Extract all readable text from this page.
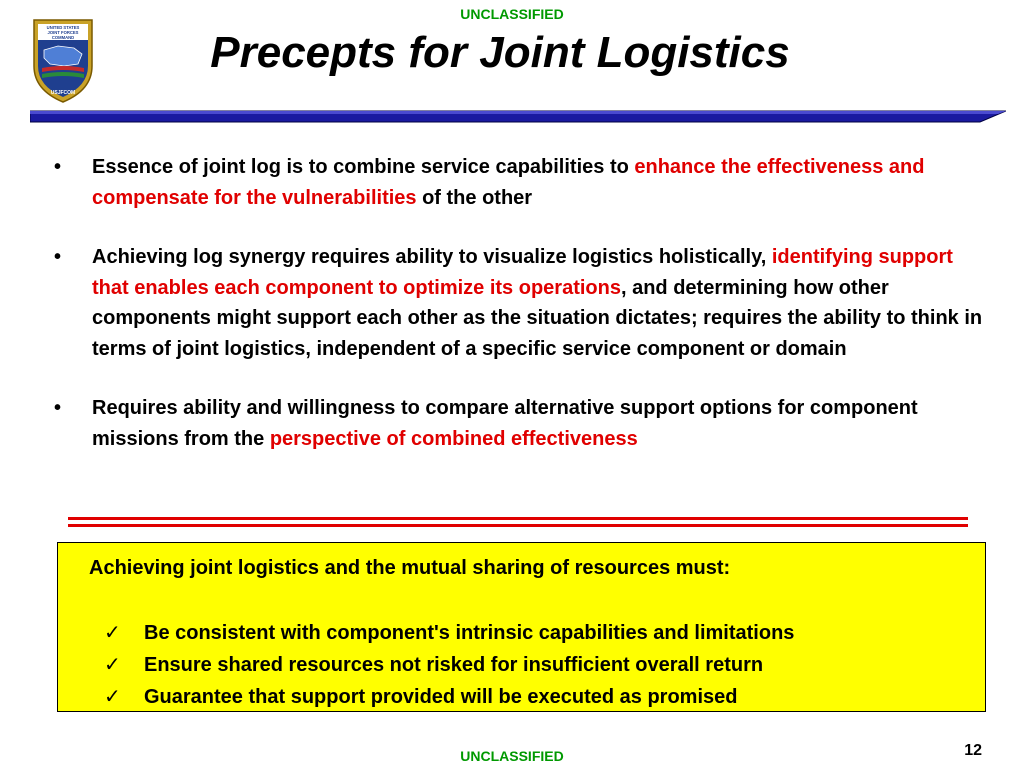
UNCLASSIFIED
UNITED STATES
JOINT FORCES
COMMAND
USJFCOM
Precepts for Joint Logistics
• Essence of joint log is to combine service capabilities to enhance the effectiveness and compensate for the vulnerabilities of the other
• Achieving log synergy requires ability to visualize logistics holistically, identifying support that enables each component to optimize its operations, and determining how other components might support each other as the situation dictates; requires the ability to think in terms of joint logistics, independent of a specific service component or domain
• Requires ability and willingness to compare alternative support options for component missions from the perspective of combined effectiveness
Achieving joint logistics and the mutual sharing of resources must:
✓ Be consistent with component's intrinsic capabilities and limitations
✓ Ensure shared resources not risked for insufficient overall return
✓ Guarantee that support provided will be executed as promised
12
UNCLASSIFIED
